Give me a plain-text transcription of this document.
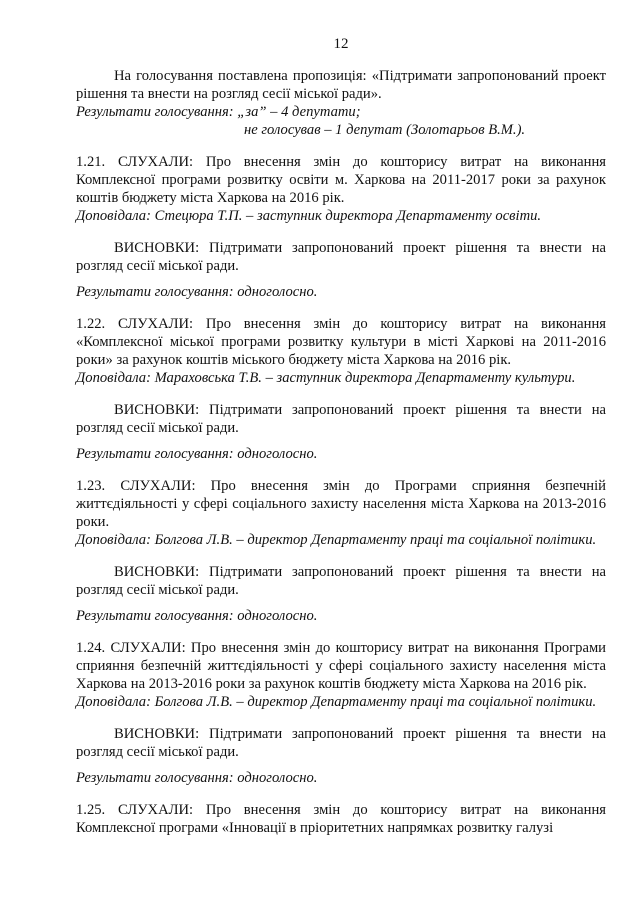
12

На голосування поставлена пропозиція: «Підтримати запропонований проект рішення та внести на розгляд сесії міської ради».

Результати голосування: „за” – 4 депутати;
не голосував – 1 депутат (Золотарьов В.М.).

1.21. СЛУХАЛИ: Про внесення змін до кошторису витрат на виконання Комплексної програми розвитку освіти м. Харкова на 2011-2017 роки за рахунок коштів бюджету міста Харкова на 2016 рік.

Доповідала: Стецюра Т.П. – заступник директора Департаменту освіти.

ВИСНОВКИ: Підтримати запропонований проект рішення та внести на розгляд сесії міської ради.

Результати голосування: одноголосно.

1.22. СЛУХАЛИ: Про внесення змін до кошторису витрат на виконання «Комплексної міської програми розвитку культури в місті Харкові на 2011-2016 роки» за рахунок коштів міського бюджету міста Харкова на 2016 рік.

Доповідала: Мараховська Т.В. – заступник директора Департаменту культури.

ВИСНОВКИ: Підтримати запропонований проект рішення та внести на розгляд сесії міської ради.

Результати голосування: одноголосно.

1.23. СЛУХАЛИ: Про внесення змін до Програми сприяння безпечній життєдіяльності у сфері соціального захисту населення міста Харкова на 2013-2016 роки.

Доповідала: Болгова Л.В. – директор Департаменту праці та соціальної політики.

ВИСНОВКИ: Підтримати запропонований проект рішення та внести на розгляд сесії міської ради.

Результати голосування: одноголосно.

1.24. СЛУХАЛИ: Про внесення змін до кошторису витрат на виконання Програми сприяння безпечній життєдіяльності у сфері соціального захисту населення міста Харкова на 2013-2016 роки за рахунок коштів бюджету міста Харкова на 2016 рік.

Доповідала: Болгова Л.В. – директор Департаменту праці та соціальної політики.

ВИСНОВКИ: Підтримати запропонований проект рішення та внести на розгляд сесії міської ради.

Результати голосування: одноголосно.

1.25. СЛУХАЛИ: Про внесення змін до кошторису витрат на виконання Комплексної програми «Інновації в пріоритетних напрямках розвитку галузі
